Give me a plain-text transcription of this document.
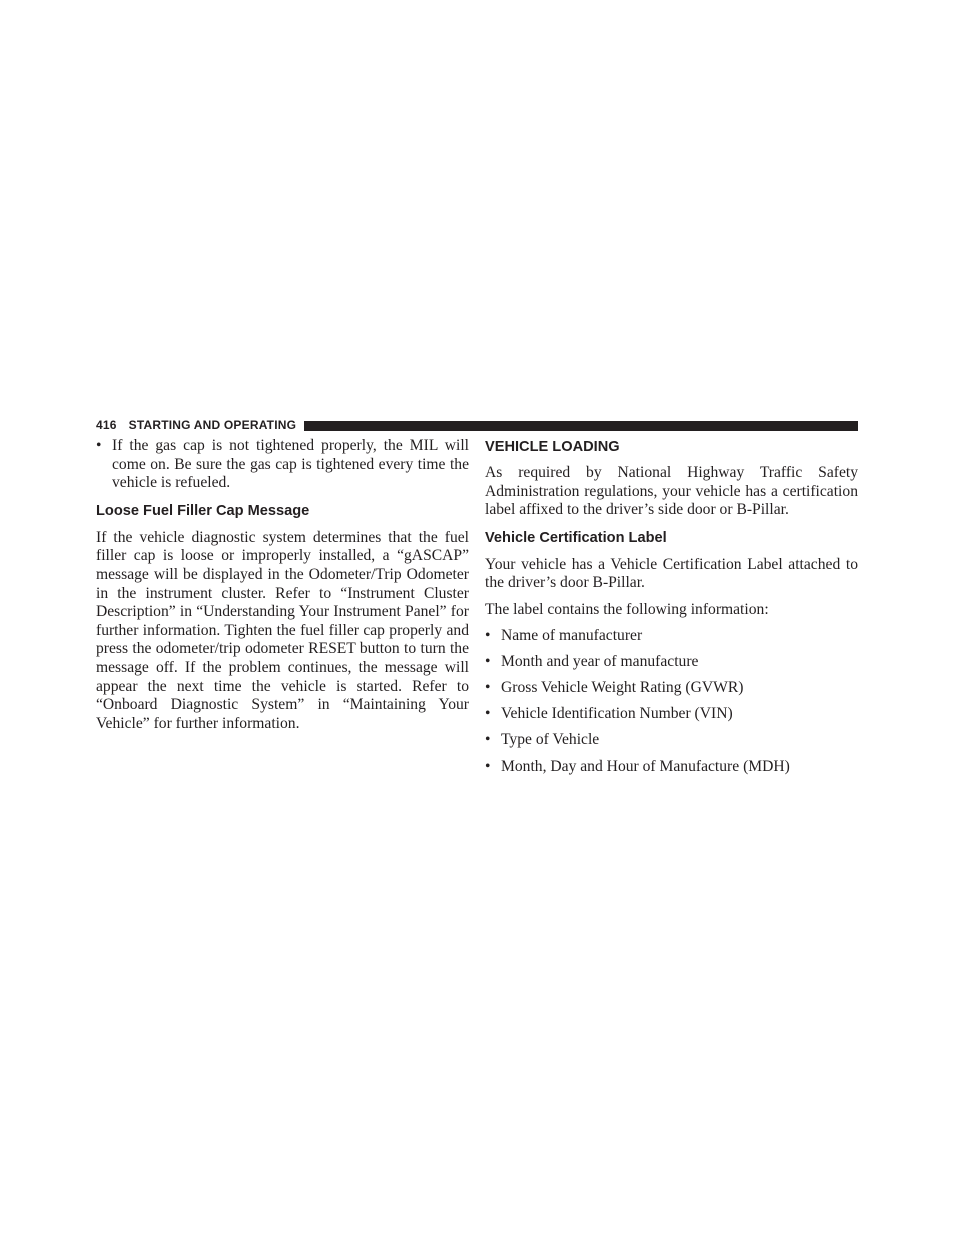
416 STARTING AND OPERATING
• If the gas cap is not tightened properly, the MIL will come on. Be sure the gas cap is tightened every time the vehicle is refueled.
Loose Fuel Filler Cap Message

If the vehicle diagnostic system determines that the fuel filler cap is loose or improperly installed, a “gASCAP” message will be displayed in the Odometer/Trip Odometer in the instrument cluster. Refer to “Instrument Cluster Description” in “Understanding Your Instrument Panel” for further information. Tighten the fuel filler cap properly and press the odometer/trip odometer RESET button to turn the message off. If the problem continues, the message will appear the next time the vehicle is started. Refer to “Onboard Diagnostic System” in “Maintaining Your Vehicle” for further information.

VEHICLE LOADING

As required by National Highway Traffic Safety Administration regulations, your vehicle has a certification label affixed to the driver’s side door or B-Pillar.

Vehicle Certification Label

Your vehicle has a Vehicle Certification Label attached to the driver’s door B-Pillar.

The label contains the following information:

• Name of manufacturer
• Month and year of manufacture
• Gross Vehicle Weight Rating (GVWR)
• Vehicle Identification Number (VIN)
• Type of Vehicle
• Month, Day and Hour of Manufacture (MDH)
